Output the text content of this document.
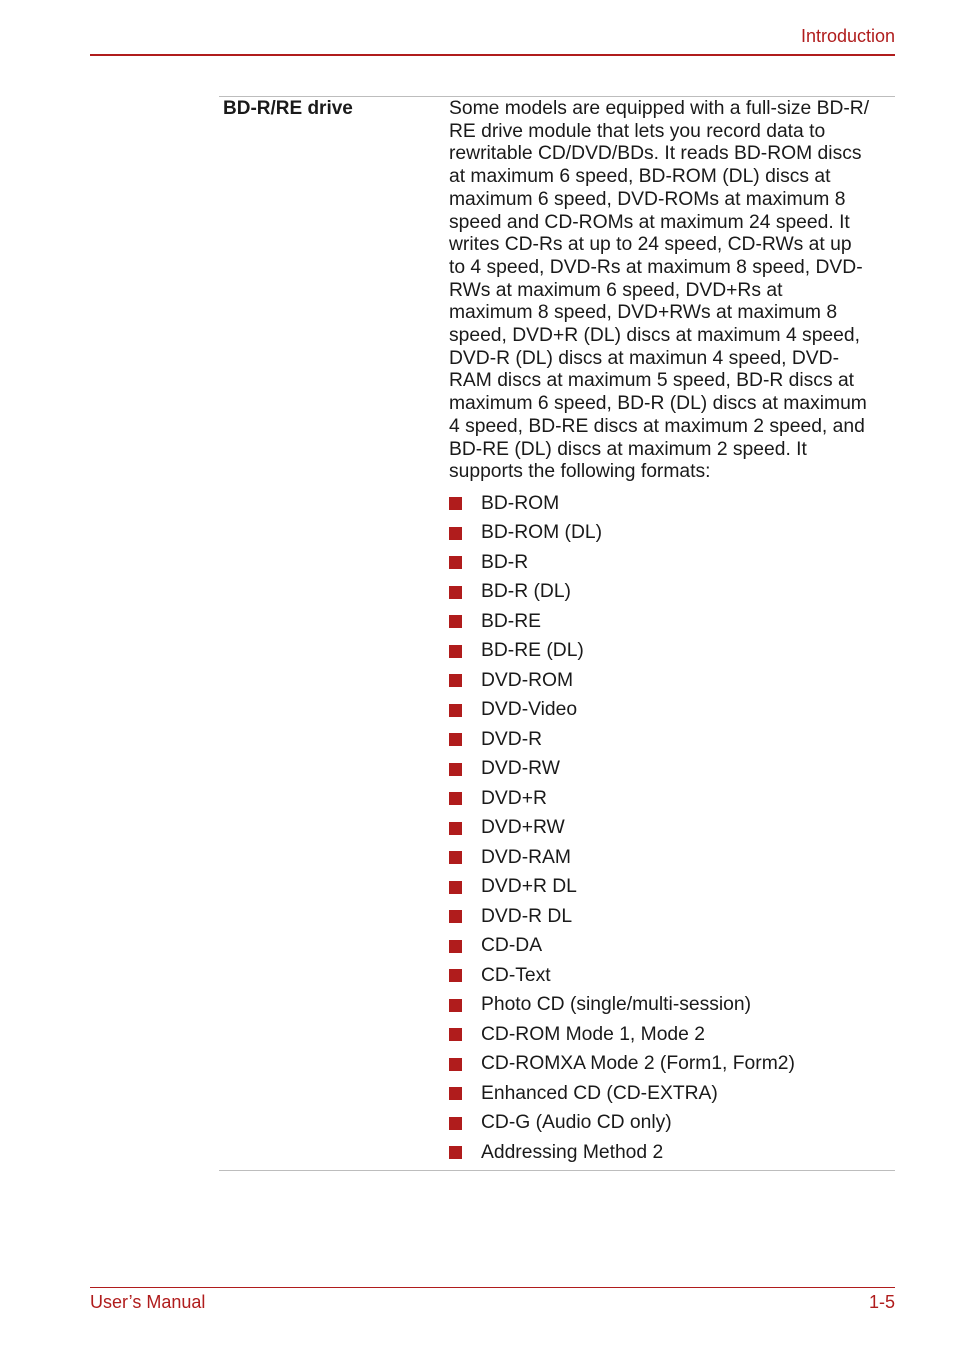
Introduction
BD-R/RE drive	Some models are equipped with a full-size BD-R/
RE drive module that lets you record data to
rewritable CD/DVD/BDs. It reads BD-ROM discs
at maximum 6 speed, BD-ROM (DL) discs at
maximum 6 speed, DVD-ROMs at maximum 8
speed and CD-ROMs at maximum 24 speed. It
writes CD-Rs at up to 24 speed, CD-RWs at up
to 4 speed, DVD-Rs at maximum 8 speed, DVD-
RWs at maximum 6 speed, DVD+Rs at
maximum 8 speed, DVD+RWs at maximum 8
speed, DVD+R (DL) discs at maximum 4 speed,
DVD-R (DL) discs at maximun 4 speed, DVD-
RAM discs at maximum 5 speed, BD-R discs at
maximum 6 speed, BD-R (DL) discs at maximum
4 speed, BD-RE discs at maximum 2 speed, and
BD-RE (DL) discs at maximum 2 speed. It
supports the following formats:
BD-ROM
BD-ROM (DL)
BD-R
BD-R (DL)
BD-RE
BD-RE (DL)
DVD-ROM
DVD-Video
DVD-R
DVD-RW
DVD+R
DVD+RW
DVD-RAM
DVD+R DL
DVD-R DL
CD-DA
CD-Text
Photo CD (single/multi-session)
CD-ROM Mode 1, Mode 2
CD-ROMXA Mode 2 (Form1, Form2)
Enhanced CD (CD-EXTRA)
CD-G (Audio CD only)
Addressing Method 2
User’s Manual	1-5
